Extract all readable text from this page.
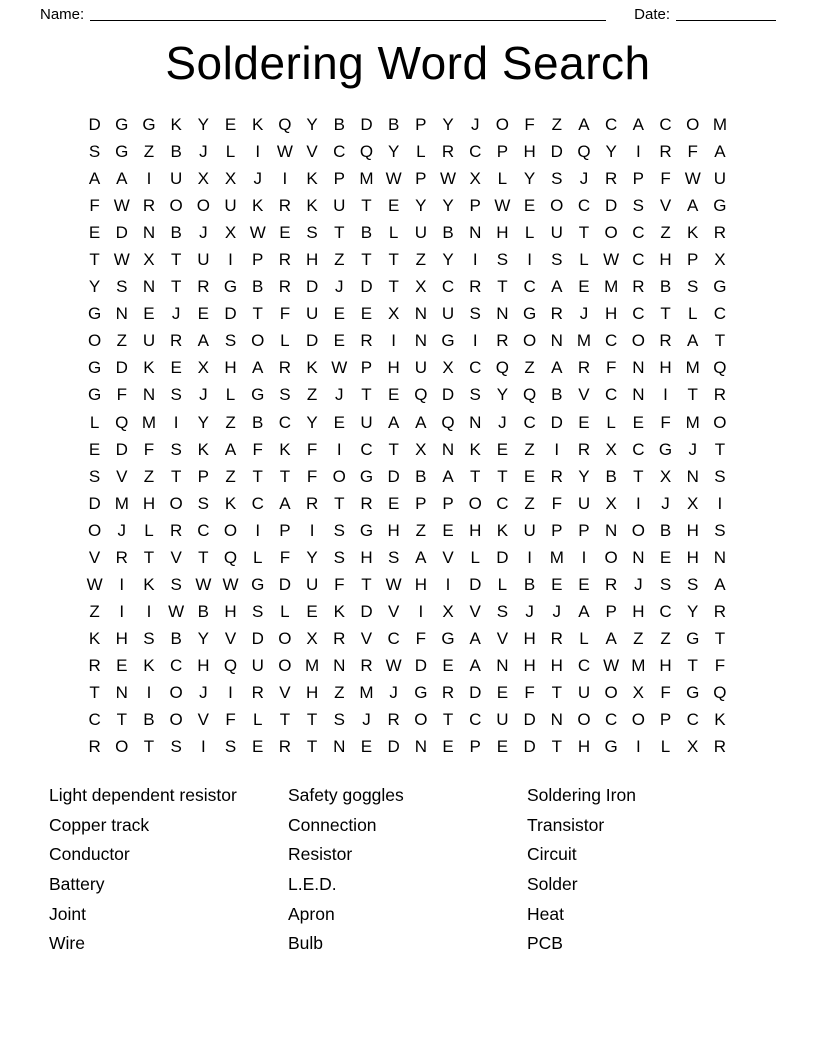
Name:	Date:
Soldering Word Search
D G G K Y E K Q Y B D B P Y	J O F Z A C A C O M
S G Z B	J	L	I W V C Q Y L R C P H D Q Y	I	R F A
A A	I	U X X	J	I	K P M W P W X L Y S	J R P F W U
F W R O O U K R K U T E Y Y P W E O C D S V A G
E D N B	J	X W E S T B L U B N H L U T O C Z K R
T W X T U	I	P R H Z T T Z Y	I	S	I	S L W C H P X
Y S N T R G B R D J D T X C R T C A E M R B S G
G N E	J	E D T F U E E X N U S N G R J H C T	L C
O Z U R A S O L D E R	I	N G	I	R O N M C O R A T
G D K E X H A R K W P H U X C Q Z A R F N H M Q
G F N S	J	L G S Z	J	T E Q D S Y Q B V C N	I	T R
L Q M	I	Y Z B C Y E U A A Q N J C D E L E F M O
E D F S K A F K F	I	C T X N K E Z	I	R X C G J	T
S V Z T P Z T T F O G D B A T T E R Y B T X N S
D M H O S K C A R T R E P P O C Z F U X	I	J	X	I
O J	L R C O	I	P	I	S G H Z E H K U P P N O B H S
V R T V T Q L	F Y S H S A V L D	I	M	I	O N E H N
W I	K S W W G D U F T W H	I	D L B E E R J	S S A
Z	I	I W B H S L E K D V	I	X V S	J	J	A P H C Y R
K H S B Y V D O X R V C F G A V H R L A Z Z G T
R E K C H Q U O M N R W D E A N H H C W M H T F
T N	I	O J	I	R V H Z M J G R D E F T U O X F G Q
C T B O V F	L	T T S	J R O T C U D N O C O P C K
R O T S	I	S E R T N E D N E P E D T H G	I	L X R
Light dependent resistor
Copper track
Conductor
Battery
Joint
Wire
Safety goggles
Connection
Resistor
L.E.D.
Apron
Bulb
Soldering Iron
Transistor
Circuit
Solder
Heat
PCB
